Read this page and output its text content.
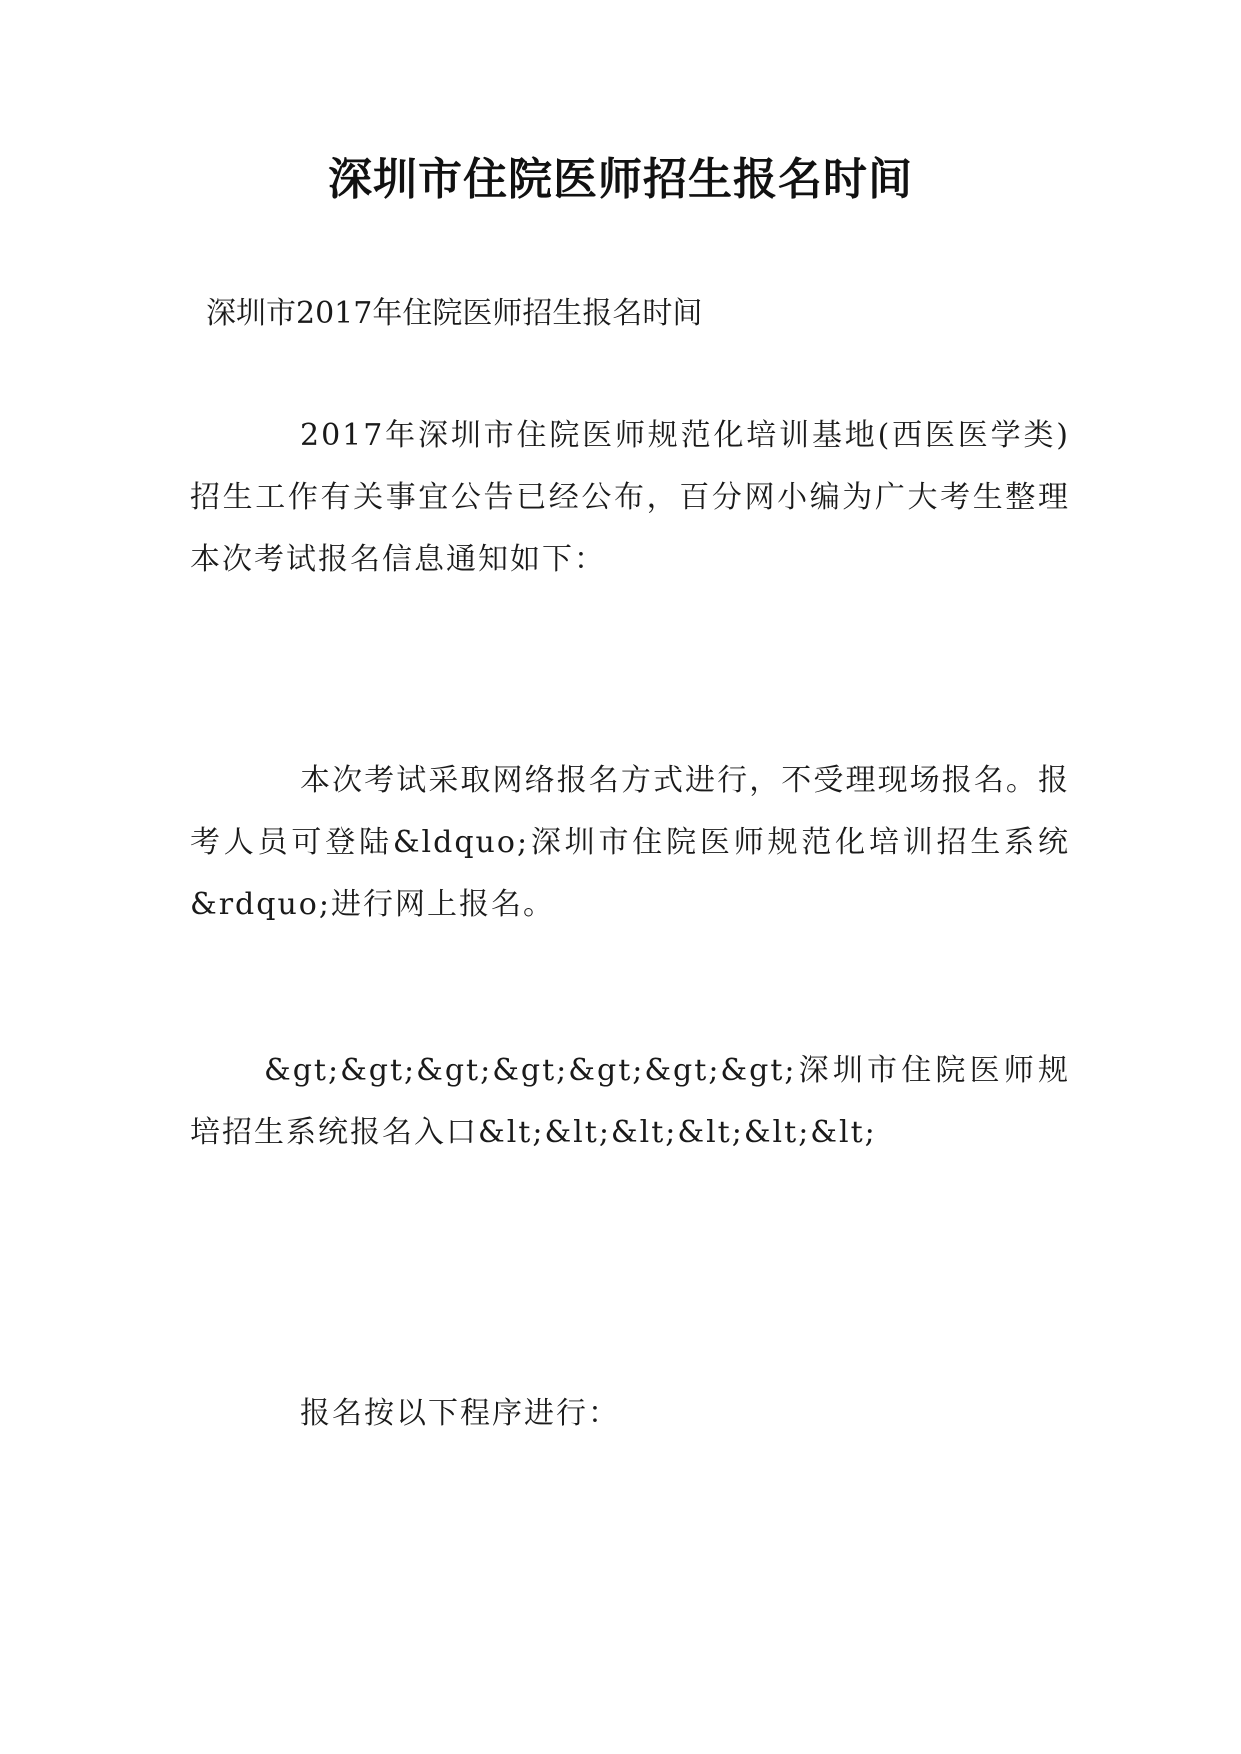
深圳市住院医师招生报名时间
深圳市2017年住院医师招生报名时间
2017年深圳市住院医师规范化培训基地(西医医学类)招生工作有关事宜公告已经公布，百分网小编为广大考生整理本次考试报名信息通知如下：
本次考试采取网络报名方式进行，不受理现场报名。报考人员可登陆&ldquo;深圳市住院医师规范化培训招生系统&rdquo;进行网上报名。
&gt;&gt;&gt;&gt;&gt;&gt;&gt;深圳市住院医师规培招生系统报名入口&lt;&lt;&lt;&lt;&lt;&lt;
报名按以下程序进行：
